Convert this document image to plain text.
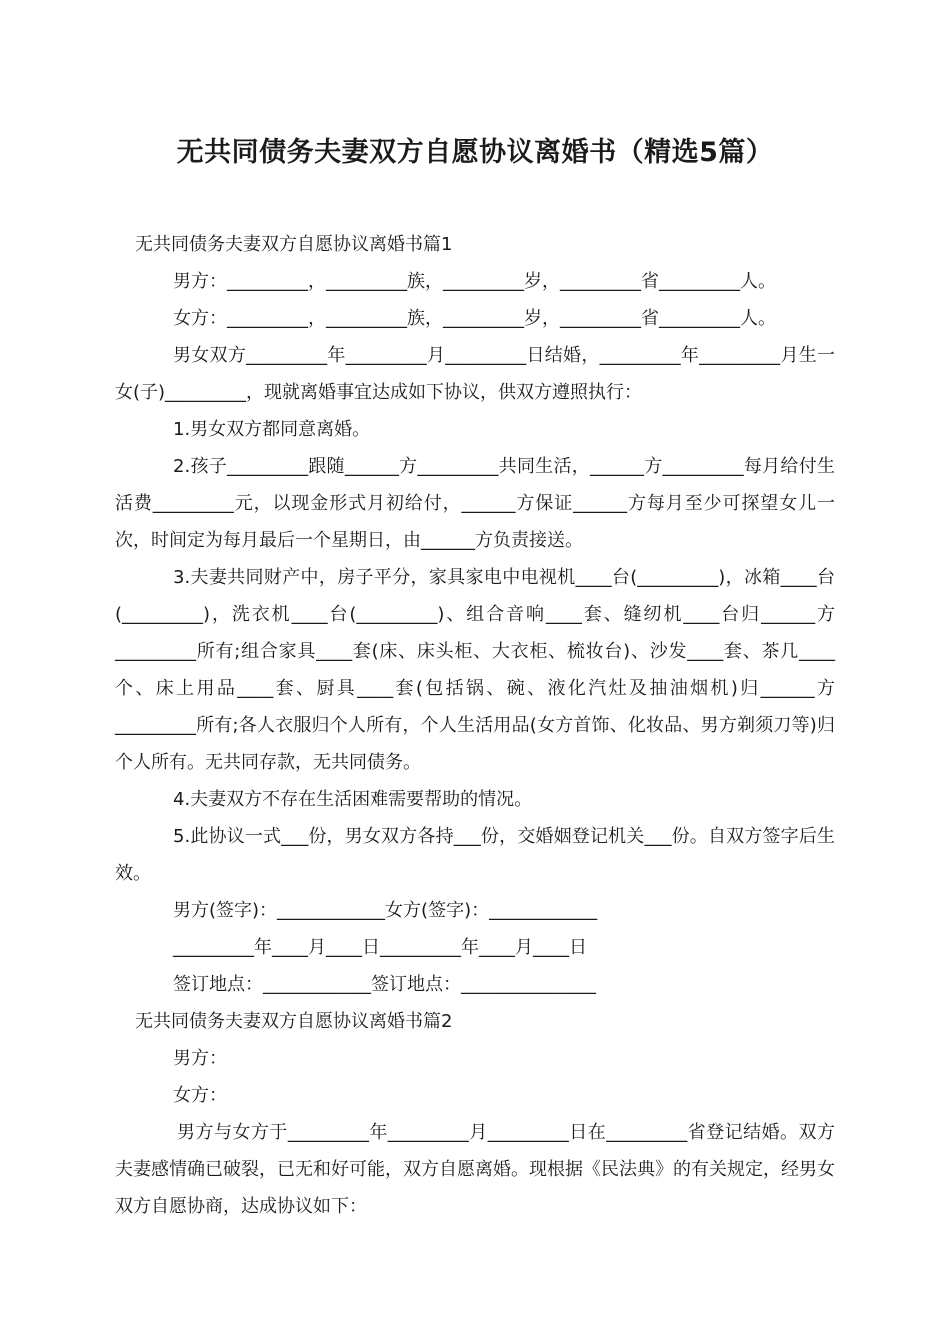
无共同债务夫妻双方自愿协议离婚书（精选5篇）

无共同债务夫妻双方自愿协议离婚书篇1

男方：_________，_________族，_________岁，_________省_________人。

女方：_________，_________族，_________岁，_________省_________人。

男女双方_________年_________月_________日结婚，_________年_________月生一女(子)_________，现就离婚事宜达成如下协议，供双方遵照执行：

1.男女双方都同意离婚。

2.孩子_________跟随______方_________共同生活，______方_________每月给付生活费_________元，以现金形式月初给付，______方保证______方每月至少可探望女儿一次，时间定为每月最后一个星期日，由______方负责接送。

3.夫妻共同财产中，房子平分，家具家电中电视机____台(_________)，冰箱____台(_________)，洗衣机____台(_________)、组合音响____套、缝纫机____台归______方_________所有;组合家具____套(床、床头柜、大衣柜、梳妆台)、沙发____套、茶几____个、床上用品____套、厨具____套(包括锅、碗、液化汽灶及抽油烟机)归______方_________所有;各人衣服归个人所有，个人生活用品(女方首饰、化妆品、男方剃须刀等)归个人所有。无共同存款，无共同债务。

4.夫妻双方不存在生活困难需要帮助的情况。

5.此协议一式___份，男女双方各持___份，交婚姻登记机关___份。自双方签字后生效。

男方(签字)：____________女方(签字)：____________

_________年____月____日_________年____月____日

签订地点：____________签订地点：_______________

无共同债务夫妻双方自愿协议离婚书篇2

男方：

女方：

男方与女方于_________年_________月_________日在_________省登记结婚。双方夫妻感情确已破裂，已无和好可能，双方自愿离婚。现根据《民法典》的有关规定，经男女双方自愿协商，达成协议如下：
